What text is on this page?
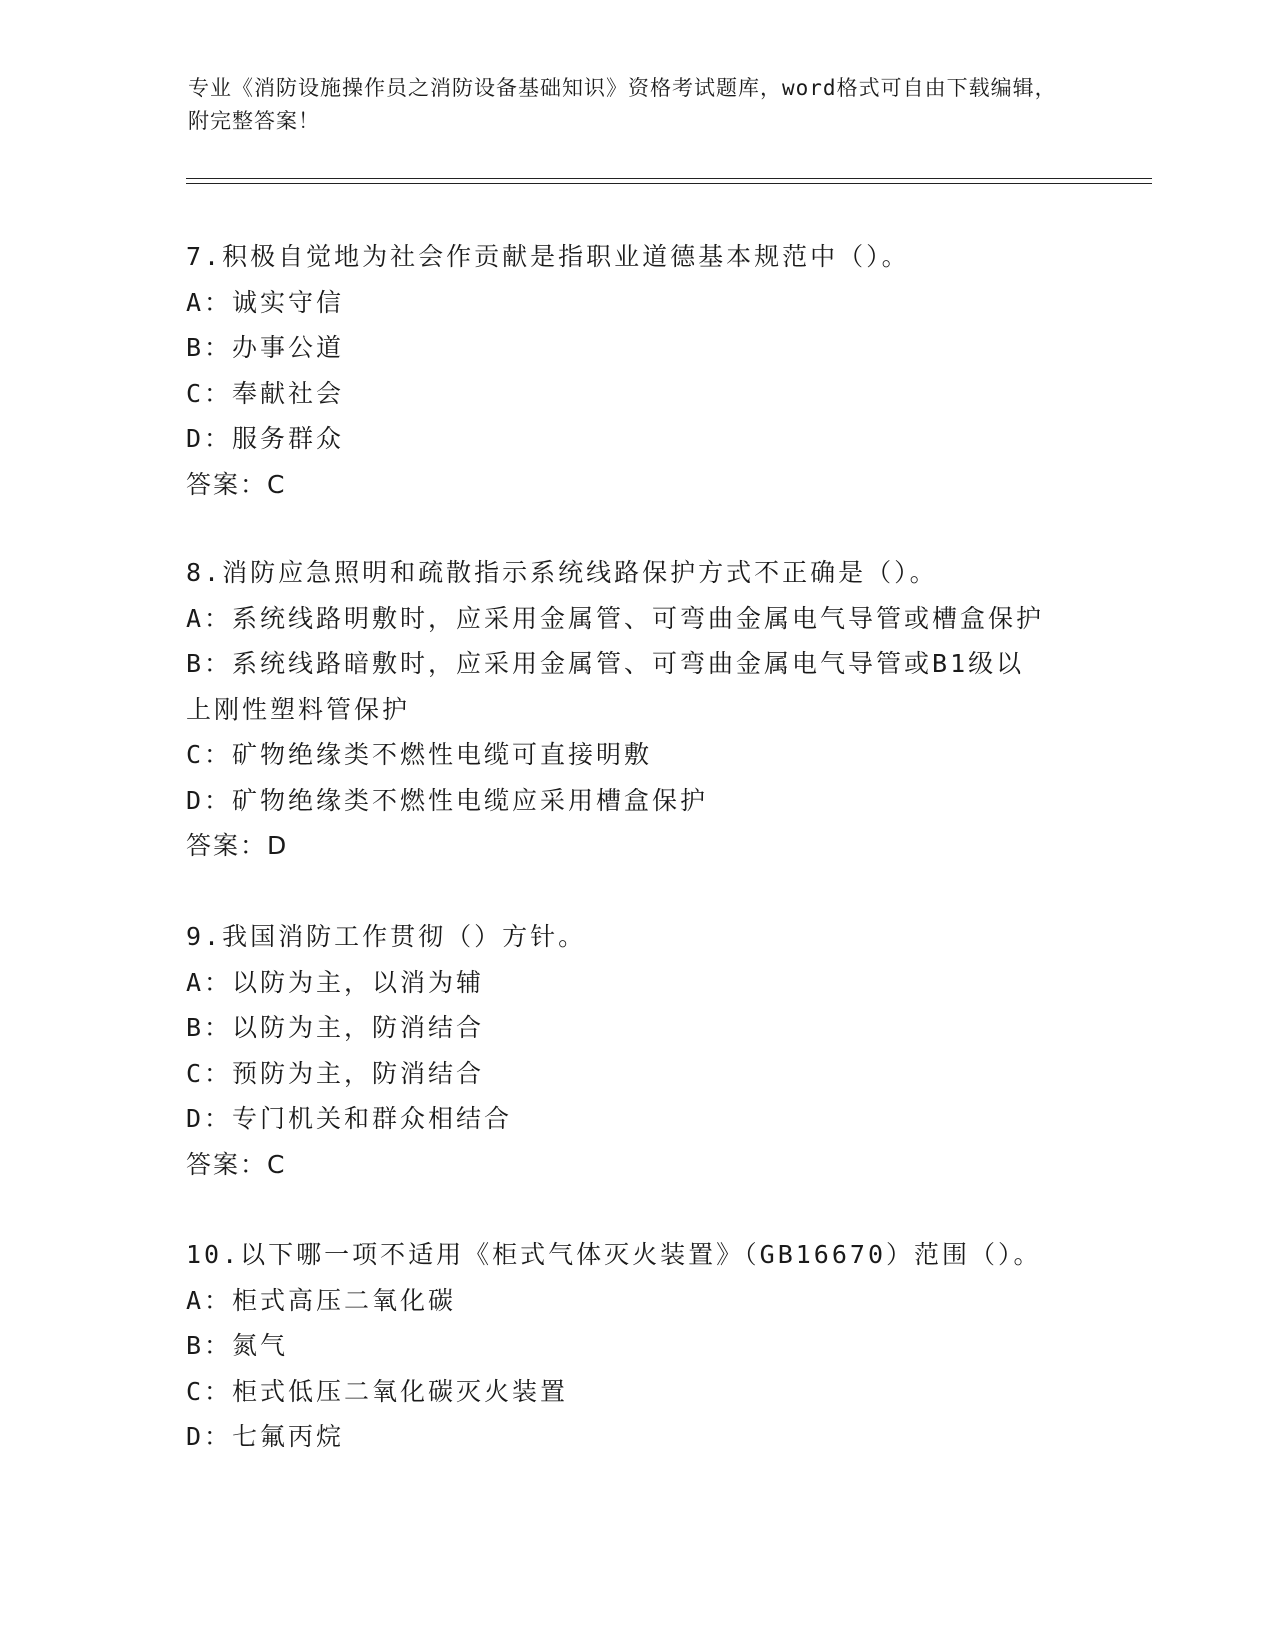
专业《消防设施操作员之消防设备基础知识》资格考试题库，word格式可自由下载编辑，附完整答案！
7.积极自觉地为社会作贡献是指职业道德基本规范中（）。
A：诚实守信
B：办事公道
C：奉献社会
D：服务群众
答案：C
8.消防应急照明和疏散指示系统线路保护方式不正确是（）。
A：系统线路明敷时，应采用金属管、可弯曲金属电气导管或槽盒保护
B：系统线路暗敷时，应采用金属管、可弯曲金属电气导管或B1级以上刚性塑料管保护
C：矿物绝缘类不燃性电缆可直接明敷
D：矿物绝缘类不燃性电缆应采用槽盒保护
答案：D
9.我国消防工作贯彻（）方针。
A：以防为主，以消为辅
B：以防为主，防消结合
C：预防为主，防消结合
D：专门机关和群众相结合
答案：C
10.以下哪一项不适用《柜式气体灭火装置》（GB16670）范围（）。
A：柜式高压二氧化碳
B：氮气
C：柜式低压二氧化碳灭火装置
D：七氟丙烷
